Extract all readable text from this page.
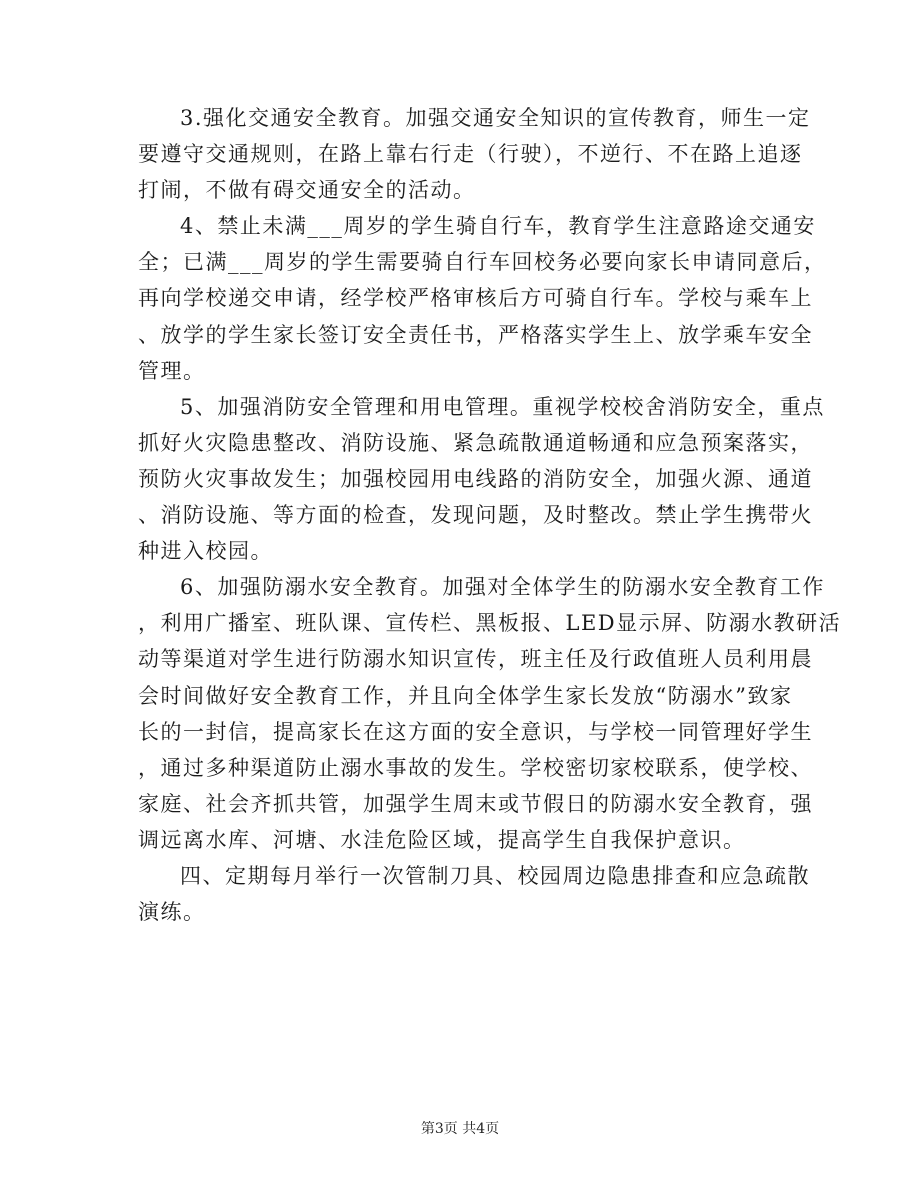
3.强化交通安全教育。加强交通安全知识的宣传教育，师生一定
要遵守交通规则，在路上靠右行走（行驶），不逆行、不在路上追逐
打闹，不做有碍交通安全的活动。

4、禁止未满___周岁的学生骑自行车，教育学生注意路途交通安
全；已满___周岁的学生需要骑自行车回校务必要向家长申请同意后，
再向学校递交申请，经学校严格审核后方可骑自行车。学校与乘车上
、放学的学生家长签订安全责任书，严格落实学生上、放学乘车安全
管理。

5、加强消防安全管理和用电管理。重视学校校舍消防安全，重点
抓好火灾隐患整改、消防设施、紧急疏散通道畅通和应急预案落实，
预防火灾事故发生；加强校园用电线路的消防安全，加强火源、通道
、消防设施、等方面的检查，发现问题，及时整改。禁止学生携带火
种进入校园。

6、加强防溺水安全教育。加强对全体学生的防溺水安全教育工作
，利用广播室、班队课、宣传栏、黑板报、LED显示屏、防溺水教研活
动等渠道对学生进行防溺水知识宣传，班主任及行政值班人员利用晨
会时间做好安全教育工作，并且向全体学生家长发放“防溺水”致家
长的一封信，提高家长在这方面的安全意识，与学校一同管理好学生
，通过多种渠道防止溺水事故的发生。学校密切家校联系，使学校、
家庭、社会齐抓共管，加强学生周末或节假日的防溺水安全教育，强
调远离水库、河塘、水洼危险区域，提高学生自我保护意识。

四、定期每月举行一次管制刀具、校园周边隐患排查和应急疏散
演练。

第3页 共4页
